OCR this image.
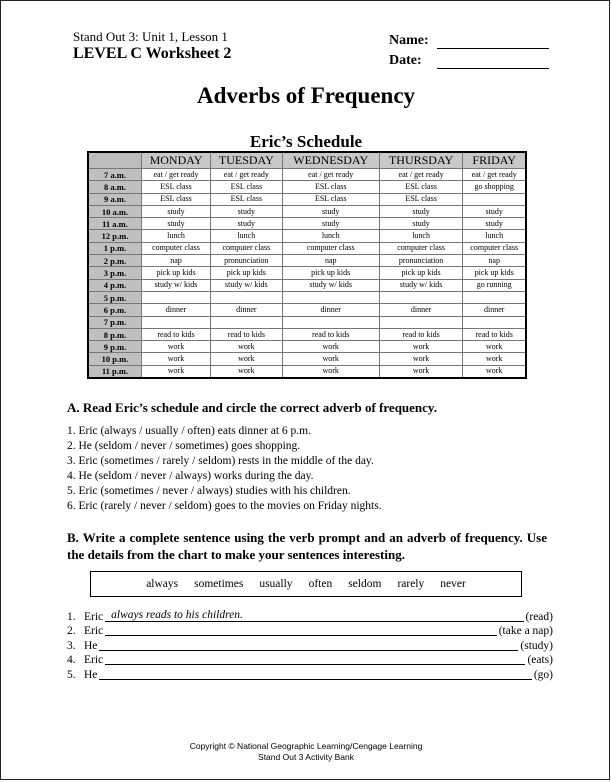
Stand Out 3: Unit 1, Lesson 1
LEVEL C Worksheet 2
Name:
Date:
Adverbs of Frequency
Eric’s Schedule
	MONDAY	TUESDAY	WEDNESDAY	THURSDAY	FRIDAY
7 a.m.	eat / get ready	eat / get ready	eat / get ready	eat / get ready	eat / get ready
8 a.m.	ESL class	ESL class	ESL class	ESL class	go shopping
9 a.m.	ESL class	ESL class	ESL class	ESL class	
10 a.m.	study	study	study	study	study
11 a.m.	study	study	study	study	study
12 p.m.	lunch	lunch	lunch	lunch	lunch
1 p.m.	computer class	computer class	computer class	computer class	computer class
2 p.m.	nap	pronunciation	nap	pronunciation	nap
3 p.m.	pick up kids	pick up kids	pick up kids	pick up kids	pick up kids
4 p.m.	study w/ kids	study w/ kids	study w/ kids	study w/ kids	go running
5 p.m.					
6 p.m.	dinner	dinner	dinner	dinner	dinner
7 p.m.					
8 p.m.	read to kids	read to kids	read to kids	read to kids	read to kids
9 p.m.	work	work	work	work	work
10 p.m.	work	work	work	work	work
11 p.m.	work	work	work	work	work
A. Read Eric’s schedule and circle the correct adverb of frequency.
1. Eric (always / usually / often) eats dinner at 6 p.m.
2. He (seldom / never / sometimes) goes shopping.
3. Eric (sometimes / rarely / seldom) rests in the middle of the day.
4. He (seldom / never / always) works during the day.
5. Eric (sometimes / never / always) studies with his children.
6. Eric (rarely / never / seldom) goes to the movies on Friday nights.
B. Write a complete sentence using the verb prompt and an adverb of frequency. Use the details from the chart to make your sentences interesting.
always sometimes usually often seldom rarely never
1. Eric always reads to his children.	(read)
2. Eric	(take a nap)
3. He	(study)
4. Eric	(eats)
5. He	(go)
Copyright © National Geographic Learning/Cengage Learning
Stand Out 3 Activity Bank
